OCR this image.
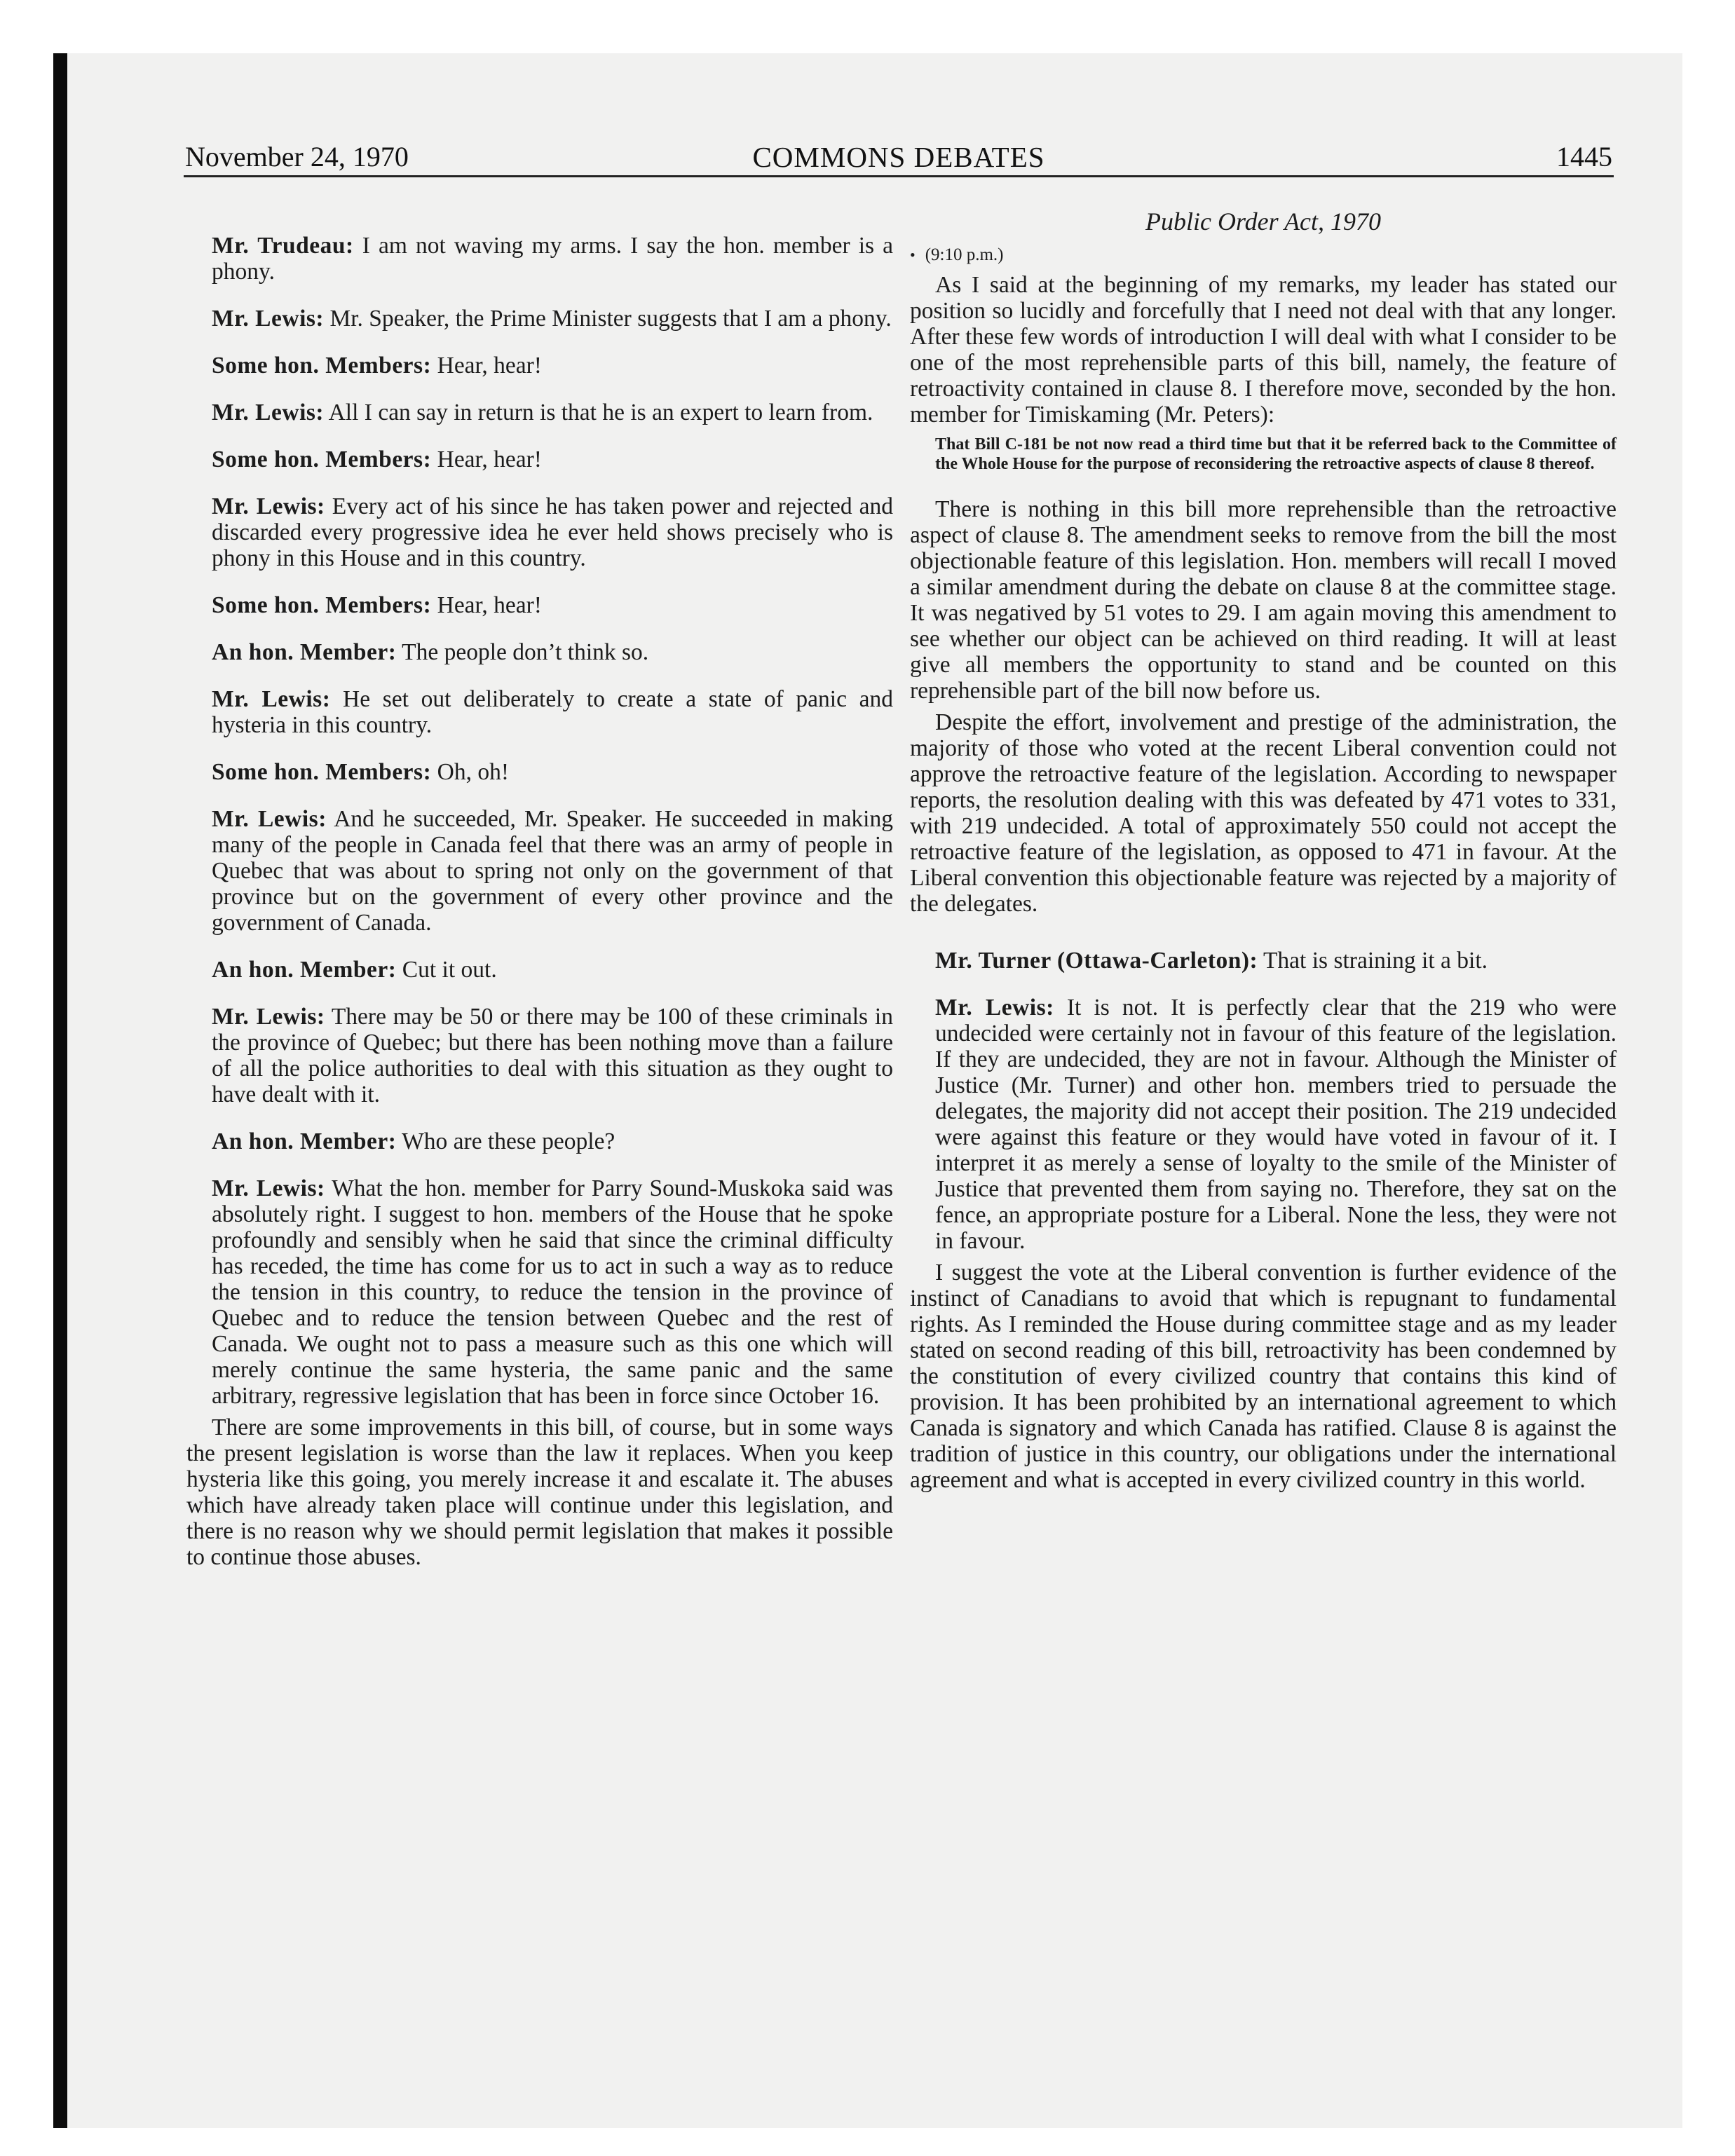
November 24, 1970	COMMONS DEBATES	1445

Mr. Trudeau: I am not waving my arms. I say the hon. member is a phony.

Mr. Lewis: Mr. Speaker, the Prime Minister suggests that I am a phony.

Some hon. Members: Hear, hear!

Mr. Lewis: All I can say in return is that he is an expert to learn from.

Some hon. Members: Hear, hear!

Mr. Lewis: Every act of his since he has taken power and rejected and discarded every progressive idea he ever held shows precisely who is phony in this House and in this country.

Some hon. Members: Hear, hear!

An hon. Member: The people don’t think so.

Mr. Lewis: He set out deliberately to create a state of panic and hysteria in this country.

Some hon. Members: Oh, oh!

Mr. Lewis: And he succeeded, Mr. Speaker. He succeeded in making many of the people in Canada feel that there was an army of people in Quebec that was about to spring not only on the government of that province but on the government of every other province and the government of Canada.

An hon. Member: Cut it out.

Mr. Lewis: There may be 50 or there may be 100 of these criminals in the province of Quebec; but there has been nothing move than a failure of all the police authorities to deal with this situation as they ought to have dealt with it.

An hon. Member: Who are these people?

Mr. Lewis: What the hon. member for Parry Sound-Muskoka said was absolutely right. I suggest to hon. members of the House that he spoke profoundly and sensibly when he said that since the criminal difficulty has receded, the time has come for us to act in such a way as to reduce the tension in this country, to reduce the tension in the province of Quebec and to reduce the tension between Quebec and the rest of Canada. We ought not to pass a measure such as this one which will merely continue the same hysteria, the same panic and the same arbitrary, regressive legislation that has been in force since October 16.

There are some improvements in this bill, of course, but in some ways the present legislation is worse than the law it replaces. When you keep hysteria like this going, you merely increase it and escalate it. The abuses which have already taken place will continue under this legislation, and there is no reason why we should permit legislation that makes it possible to continue those abuses.

Public Order Act, 1970
• (9:10 p.m.)

As I said at the beginning of my remarks, my leader has stated our position so lucidly and forcefully that I need not deal with that any longer. After these few words of introduction I will deal with what I consider to be one of the most reprehensible parts of this bill, namely, the feature of retroactivity contained in clause 8. I therefore move, seconded by the hon. member for Timiskaming (Mr. Peters):

That Bill C-181 be not now read a third time but that it be referred back to the Committee of the Whole House for the purpose of reconsidering the retroactive aspects of clause 8 thereof.

There is nothing in this bill more reprehensible than the retroactive aspect of clause 8. The amendment seeks to remove from the bill the most objectionable feature of this legislation. Hon. members will recall I moved a similar amendment during the debate on clause 8 at the committee stage. It was negatived by 51 votes to 29. I am again moving this amendment to see whether our object can be achieved on third reading. It will at least give all members the opportunity to stand and be counted on this reprehensible part of the bill now before us.

Despite the effort, involvement and prestige of the administration, the majority of those who voted at the recent Liberal convention could not approve the retroactive feature of the legislation. According to newspaper reports, the resolution dealing with this was defeated by 471 votes to 331, with 219 undecided. A total of approximately 550 could not accept the retroactive feature of the legislation, as opposed to 471 in favour. At the Liberal convention this objectionable feature was rejected by a majority of the delegates.

Mr. Turner (Ottawa-Carleton): That is straining it a bit.

Mr. Lewis: It is not. It is perfectly clear that the 219 who were undecided were certainly not in favour of this feature of the legislation. If they are undecided, they are not in favour. Although the Minister of Justice (Mr. Turner) and other hon. members tried to persuade the delegates, the majority did not accept their position. The 219 undecided were against this feature or they would have voted in favour of it. I interpret it as merely a sense of loyalty to the smile of the Minister of Justice that prevented them from saying no. Therefore, they sat on the fence, an appropriate posture for a Liberal. None the less, they were not in favour.

I suggest the vote at the Liberal convention is further evidence of the instinct of Canadians to avoid that which is repugnant to fundamental rights. As I reminded the House during committee stage and as my leader stated on second reading of this bill, retroactivity has been condemned by the constitution of every civilized country that contains this kind of provision. It has been prohibited by an international agreement to which Canada is signatory and which Canada has ratified. Clause 8 is against the tradition of justice in this country, our obligations under the international agreement and what is accepted in every civilized country in this world.
